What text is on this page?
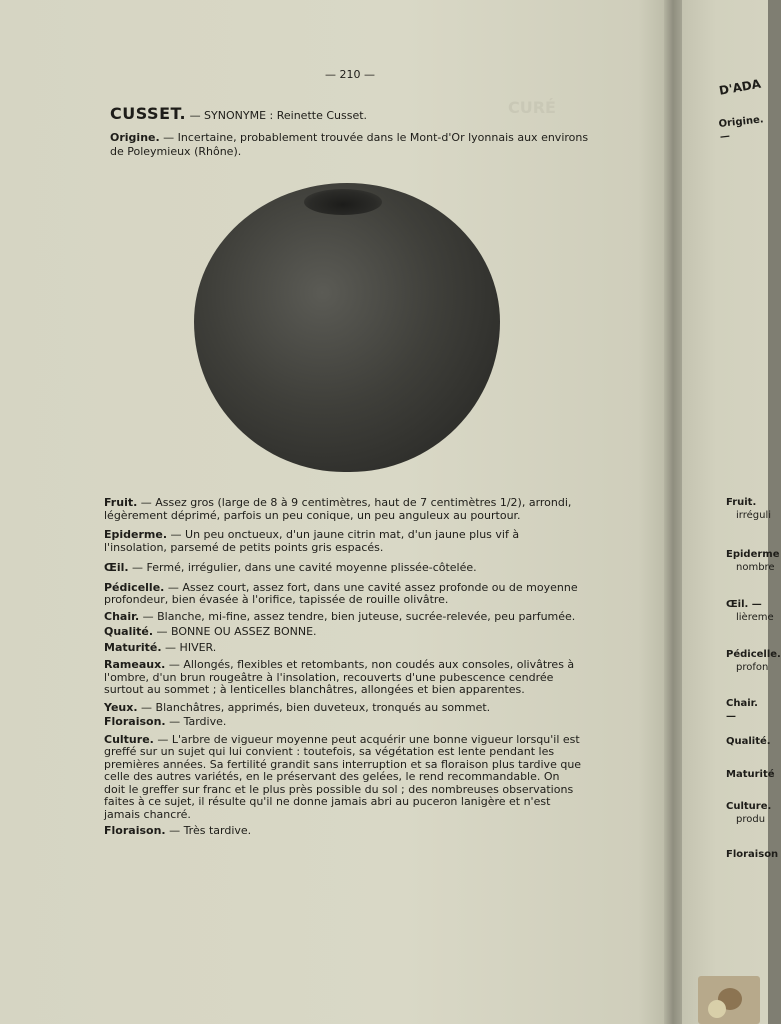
CURÉ
— 210 —
CUSSET. — SYNONYME : Reinette Cusset.
Origine. — Incertaine, probablement trouvée dans le Mont-d'Or lyonnais aux environs de Poleymieux (Rhône).

Fruit. — Assez gros (large de 8 à 9 centimètres, haut de 7 centimètres 1/2), arrondi, légèrement déprimé, parfois un peu conique, un peu anguleux au pourtour.

Epiderme. — Un peu onctueux, d'un jaune citrin mat, d'un jaune plus vif à l'insolation, parsemé de petits points gris espacés.

Œil. — Fermé, irrégulier, dans une cavité moyenne plissée-côtelée.

Pédicelle. — Assez court, assez fort, dans une cavité assez profonde ou de moyenne profondeur, bien évasée à l'orifice, tapissée de rouille olivâtre.

Chair. — Blanche, mi-fine, assez tendre, bien juteuse, sucrée-relevée, peu parfumée.

Qualité. — BONNE OU ASSEZ BONNE.

Maturité. — HIVER.

Rameaux. — Allongés, flexibles et retombants, non coudés aux consoles, olivâtres à l'ombre, d'un brun rougeâtre à l'insolation, recouverts d'une pubescence cendrée surtout au sommet ; à lenticelles blanchâtres, allongées et bien apparentes.

Yeux. — Blanchâtres, apprimés, bien duveteux, tronqués au sommet.

Floraison. — Tardive.

Culture. — L'arbre de vigueur moyenne peut acquérir une bonne vigueur lorsqu'il est greffé sur un sujet qui lui convient : toutefois, sa végétation est lente pendant les premières années. Sa fertilité grandit sans interruption et sa floraison plus tardive que celle des autres variétés, en le préservant des gelées, le rend recommandable. On doit le greffer sur franc et le plus près possible du sol ; des nombreuses observations faites à ce sujet, il résulte qu'il ne donne jamais abri au puceron lanigère et n'est jamais chancré.

Floraison. — Très tardive.

D'ADA
Origine. —
Fruit.
irréguli
Epiderme
nombre
Œil. —
lièreme
Pédicelle.
profon
Chair. —
Qualité.
Maturité
Culture.
produ
Floraison
